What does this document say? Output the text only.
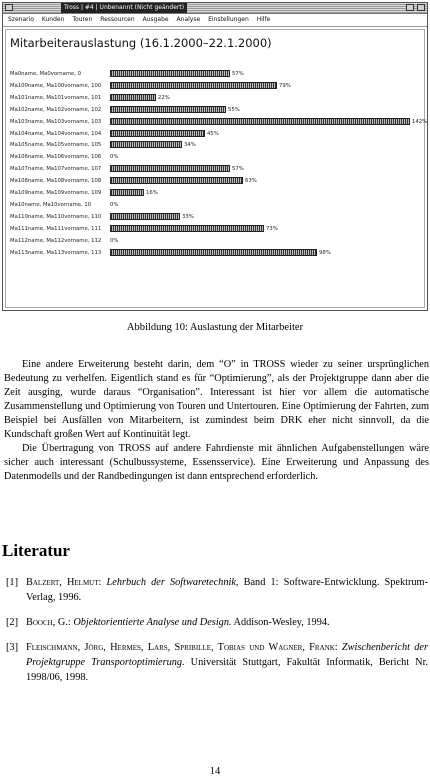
Tross | #4 | Unbenannt (Nicht geändert)
Szenario Kunden Touren Ressourcen Ausgabe Analyse Einstellungen Hilfe
Mitarbeiterauslastung (16.1.2000–22.1.2000)
Ma0name, Ma0vorname, 0	57%
Ma100name, Ma100vorname, 100	79%
Ma101name, Ma101vorname, 101	22%
Ma102name, Ma102vorname, 102	55%
Ma103name, Ma103vorname, 103	142%
Ma104name, Ma104vorname, 104	45%
Ma105name, Ma105vorname, 105	34%
Ma106name, Ma106vorname, 106 0%
Ma107name, Ma107vorname, 107	57%
Ma108name, Ma108vorname, 108	63%
Ma109name, Ma109vorname, 109	16%
Ma10name, Ma10vorname, 10	0%
Ma110name, Ma110vorname, 110	33%
Ma111name, Ma111vorname, 111	73%
Ma112name, Ma112vorname, 112 0%
Ma113name, Ma113vorname, 113	98%
Abbildung 10: Auslastung der Mitarbeiter

Eine andere Erweiterung besteht darin, dem “O” in TROSS wieder zu seiner ursprünglichen Bedeutung zu verhelfen. Eigentlich stand es für “Optimierung”, als der Projektgruppe dann aber die Zeit ausging, wurde daraus “Organisation”. Interessant ist hier vor allem die automatische Zusammenstellung und Optimierung von Touren und Untertouren. Eine Optimierung der Fahrten, zum Beispiel bei Ausfällen von Mitarbeitern, ist zumindest beim DRK eher nicht sinnvoll, da die Kundschaft großen Wert auf Kontinuität legt.

Die Übertragung von TROSS auf andere Fahrdienste mit ähnlichen Aufgabenstellungen wäre sicher auch interessant (Schulbussysteme, Essensservice). Eine Erweiterung und Anpassung des Datenmodells und der Randbedingungen ist dann entsprechend erforderlich.

Literatur
[1] Balzert, Helmut: Lehrbuch der Softwaretechnik, Band 1: Software-Entwicklung. Spektrum-Verlag, 1996.
[2] Booch, G.: Objektorientierte Analyse und Design. Addison-Wesley, 1994.
[3] Fleischmann, Jörg, Hermes, Lars, Spribille, Tobias und Wagner, Frank: Zwischenbericht der Projektgruppe Transportoptimierung. Universität Stuttgart, Fakultät Informatik, Bericht Nr. 1998/06, 1998.
14
